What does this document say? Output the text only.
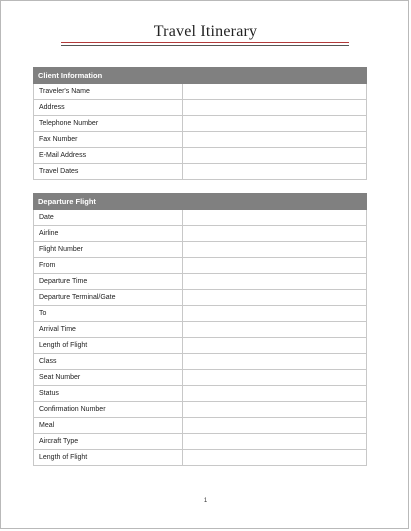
Travel Itinerary
Client Information
Traveler's Name
Address
Telephone Number
Fax Number
E-Mail Address
Travel Dates
Departure Flight
Date
Airline
Flight Number
From
Departure Time
Departure Terminal/Gate
To
Arrival Time
Length of Flight
Class
Seat Number
Status
Confirmation Number
Meal
Aircraft Type
Length of Flight
1
